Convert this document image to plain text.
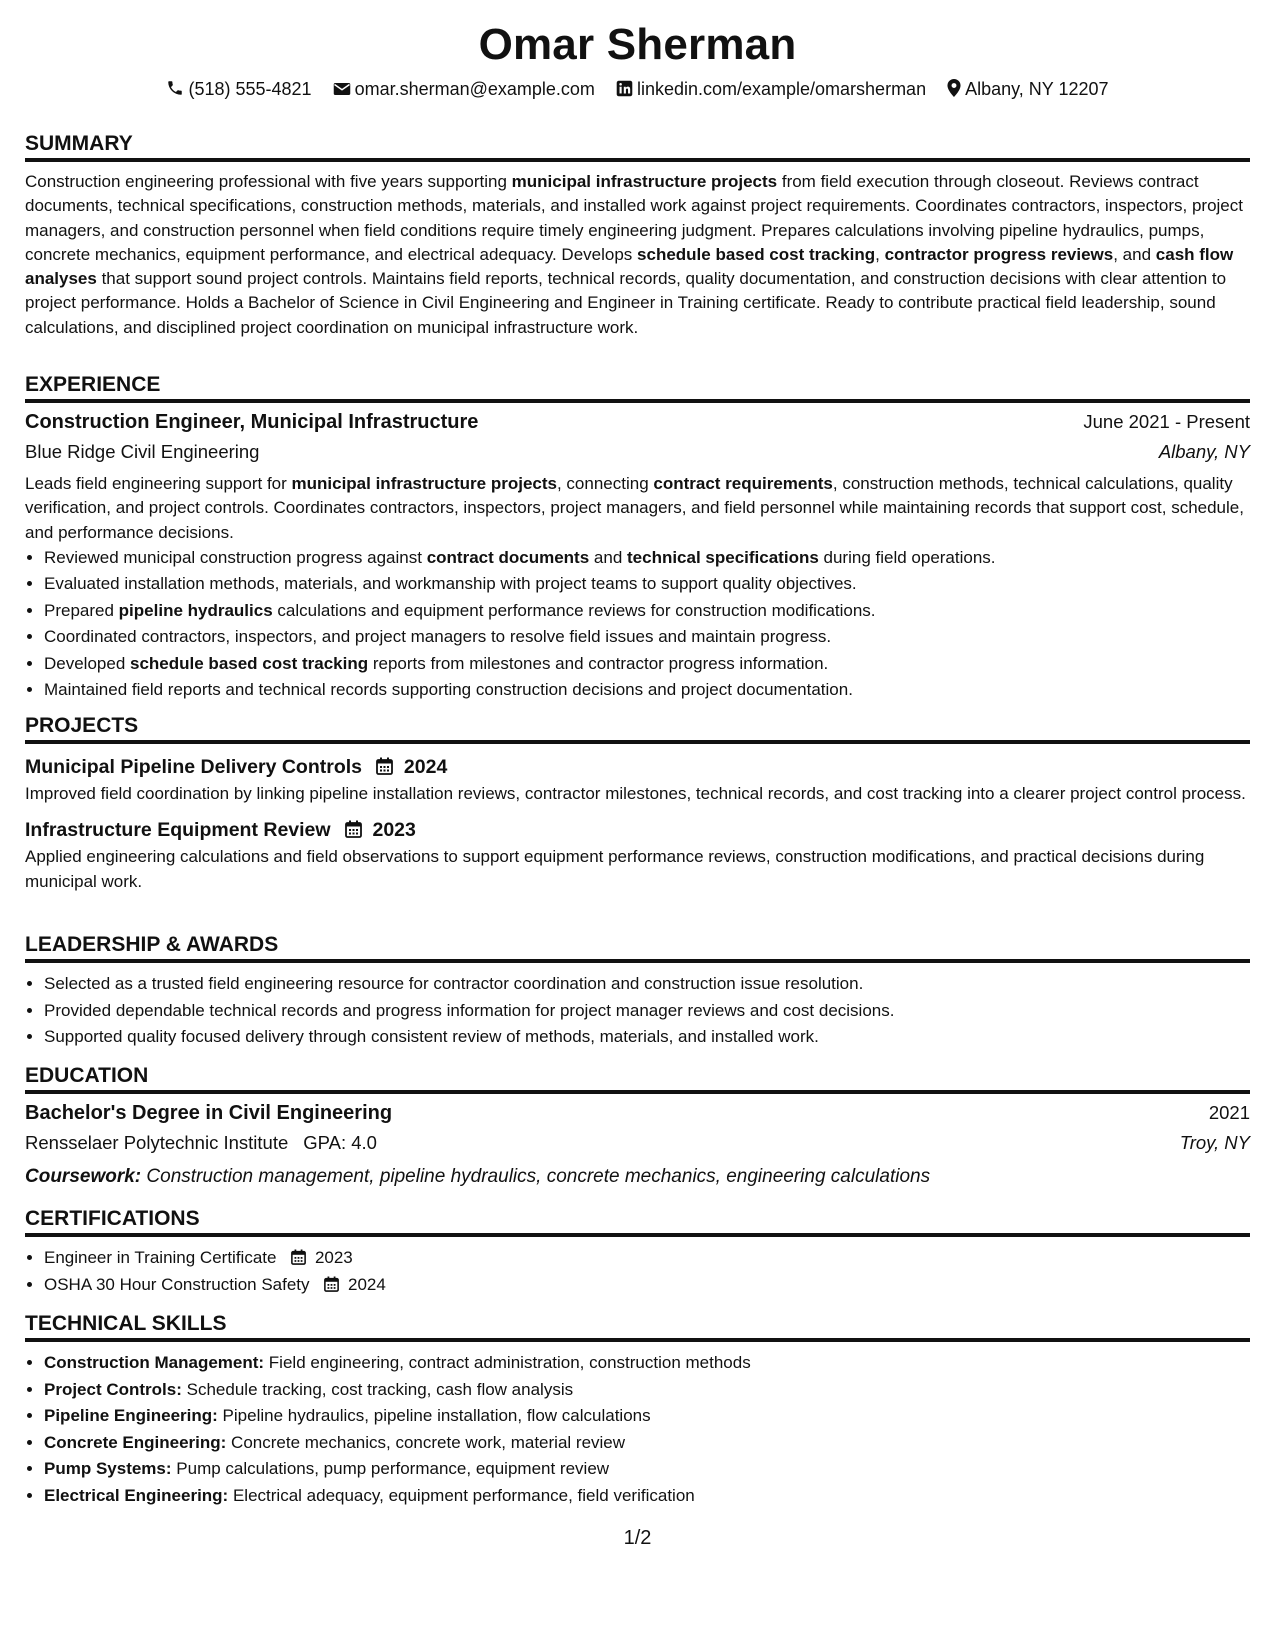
Omar Sherman
(518) 555-4821 omar.sherman@example.com linkedin.com/example/omarsherman Albany, NY 12207
SUMMARY

Construction engineering professional with five years supporting municipal infrastructure projects from field execution through closeout. Reviews contract documents, technical specifications, construction methods, materials, and installed work against project requirements. Coordinates contractors, inspectors, project managers, and construction personnel when field conditions require timely engineering judgment. Prepares calculations involving pipeline hydraulics, pumps, concrete mechanics, equipment performance, and electrical adequacy. Develops schedule based cost tracking, contractor progress reviews, and cash flow analyses that support sound project controls. Maintains field reports, technical records, quality documentation, and construction decisions with clear attention to project performance. Holds a Bachelor of Science in Civil Engineering and Engineer in Training certificate. Ready to contribute practical field leadership, sound calculations, and disciplined project coordination on municipal infrastructure work.

EXPERIENCE
Construction Engineer, Municipal Infrastructure	June 2021 - Present
Blue Ridge Civil Engineering	Albany, NY

Leads field engineering support for municipal infrastructure projects, connecting contract requirements, construction methods, technical calculations, quality verification, and project controls. Coordinates contractors, inspectors, project managers, and field personnel while maintaining records that support cost, schedule, and performance decisions.

• Reviewed municipal construction progress against contract documents and technical specifications during field operations.
• Evaluated installation methods, materials, and workmanship with project teams to support quality objectives.
• Prepared pipeline hydraulics calculations and equipment performance reviews for construction modifications.
• Coordinated contractors, inspectors, and project managers to resolve field issues and maintain progress.
• Developed schedule based cost tracking reports from milestones and contractor progress information.
• Maintained field reports and technical records supporting construction decisions and project documentation.
PROJECTS
Municipal Pipeline Delivery Controls 2024

Improved field coordination by linking pipeline installation reviews, contractor milestones, technical records, and cost tracking into a clearer project control process.

Infrastructure Equipment Review 2023

Applied engineering calculations and field observations to support equipment performance reviews, construction modifications, and practical decisions during municipal work.

LEADERSHIP & AWARDS
• Selected as a trusted field engineering resource for contractor coordination and construction issue resolution.
• Provided dependable technical records and progress information for project manager reviews and cost decisions.
• Supported quality focused delivery through consistent review of methods, materials, and installed work.
EDUCATION
Bachelor's Degree in Civil Engineering	2021
Rensselaer Polytechnic Institute GPA: 4.0	Troy, NY
Coursework: Construction management, pipeline hydraulics, concrete mechanics, engineering calculations
CERTIFICATIONS
• Engineer in Training Certificate 2023
• OSHA 30 Hour Construction Safety 2024
TECHNICAL SKILLS
• Construction Management: Field engineering, contract administration, construction methods
• Project Controls: Schedule tracking, cost tracking, cash flow analysis
• Pipeline Engineering: Pipeline hydraulics, pipeline installation, flow calculations
• Concrete Engineering: Concrete mechanics, concrete work, material review
• Pump Systems: Pump calculations, pump performance, equipment review
• Electrical Engineering: Electrical adequacy, equipment performance, field verification
1/2
